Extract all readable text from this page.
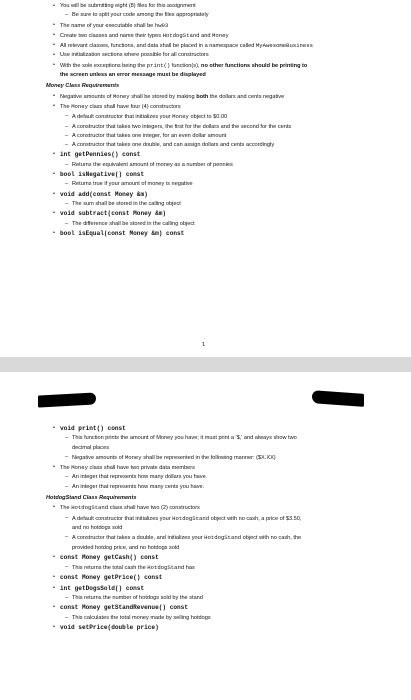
• You will be submitting eight (8) files for this assignment
– Be sure to split your code among the files appropriately
• The name of your executable shall be hw03
• Create two classes and name their types HotdogStand and Money
• All relevant classes, functions, and data shall be placed in a namespace called MyAwesomeBusiness
• Use initialization sections where possible for all constructors
• With the sole exceptions being the print() function(s), no other functions should be printing to
the screen unless an error message must be displayed
Money Class Requirements
• Negative amounts of Money shall be stored by making both the dollars and cents negative
• The Money class shall have four (4) constructors
– A default constructor that initializes your Money object to $0.00
– A constructor that takes two integers, the first for the dollars and the second for the cents
– A constructor that takes one integer, for an even dollar amount
– A constructor that takes one double, and can assign dollars and cents accordingly
• int getPennies() const
– Returns the equivalent amount of money as a number of pennies
• bool isNegative() const
– Returns true if your amount of money is negative
• void add(const Money &m)
– The sum shall be stored in the calling object
• void subtract(const Money &m)
– The difference shall be stored in the calling object
• bool isEqual(const Money &m) const
1
• void print() const
– This function prints the amount of Money you have; it must print a '$,' and always show two
decimal places
– Negative amounts of Money shall be represented in the following manner: ($X.XX)
• The Money class shall have two private data members
– An integer that represents how many dollars you have.
– An integer that represents how many cents you have.
HotdogStand Class Requirements
• The HotdogStand class shall have two (2) constructors
– A default constructor that initializes your HotdogStand object with no cash, a price of $3.50,
and no hotdogs sold
– A constructor that takes a double, and initializes your HotdogStand object with no cash, the
provided hotdog price, and no hotdogs sold
• const Money getCash() const
– This returns the total cash the HotdogStand has
• const Money getPrice() const
• int getDogsSold() const
– This returns the number of hotdogs sold by the stand
• const Money getStandRevenue() const
– This calculates the total money made by selling hotdogs
• void setPrice(double price)
